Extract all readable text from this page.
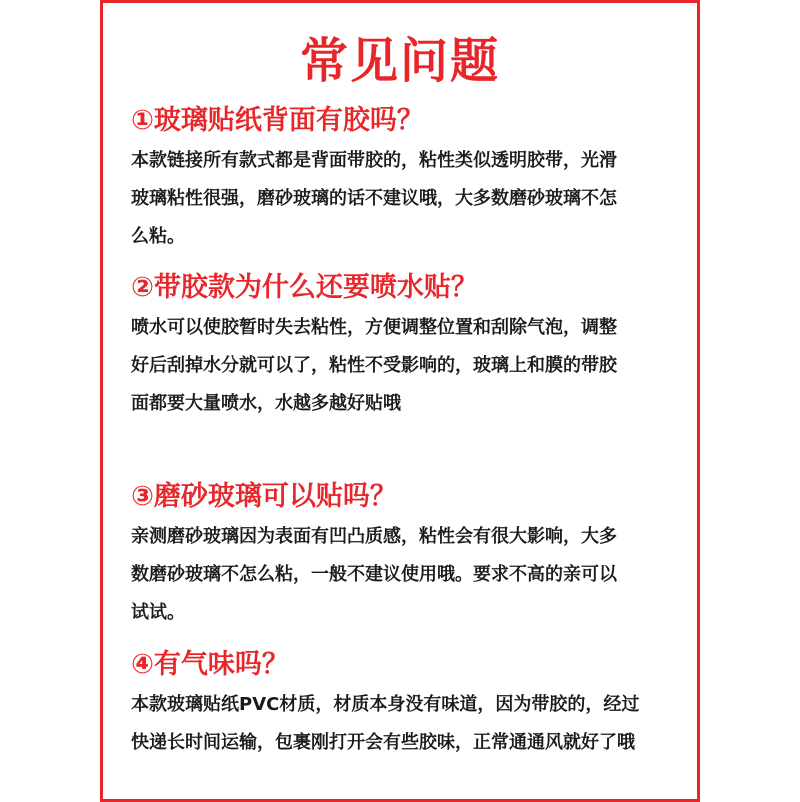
常见问题
①玻璃贴纸背面有胶吗？
本款链接所有款式都是背面带胶的，粘性类似透明胶带，光滑
玻璃粘性很强，磨砂玻璃的话不建议哦，大多数磨砂玻璃不怎
么粘。
②带胶款为什么还要喷水贴？
喷水可以使胶暂时失去粘性，方便调整位置和刮除气泡，调整
好后刮掉水分就可以了，粘性不受影响的，玻璃上和膜的带胶
面都要大量喷水，水越多越好贴哦
③磨砂玻璃可以贴吗？
亲测磨砂玻璃因为表面有凹凸质感，粘性会有很大影响，大多
数磨砂玻璃不怎么粘，一般不建议使用哦。要求不高的亲可以
试试。
④有气味吗？
本款玻璃贴纸PVC材质，材质本身没有味道，因为带胶的，经过
快递长时间运输，包裹刚打开会有些胶味，正常通通风就好了哦
